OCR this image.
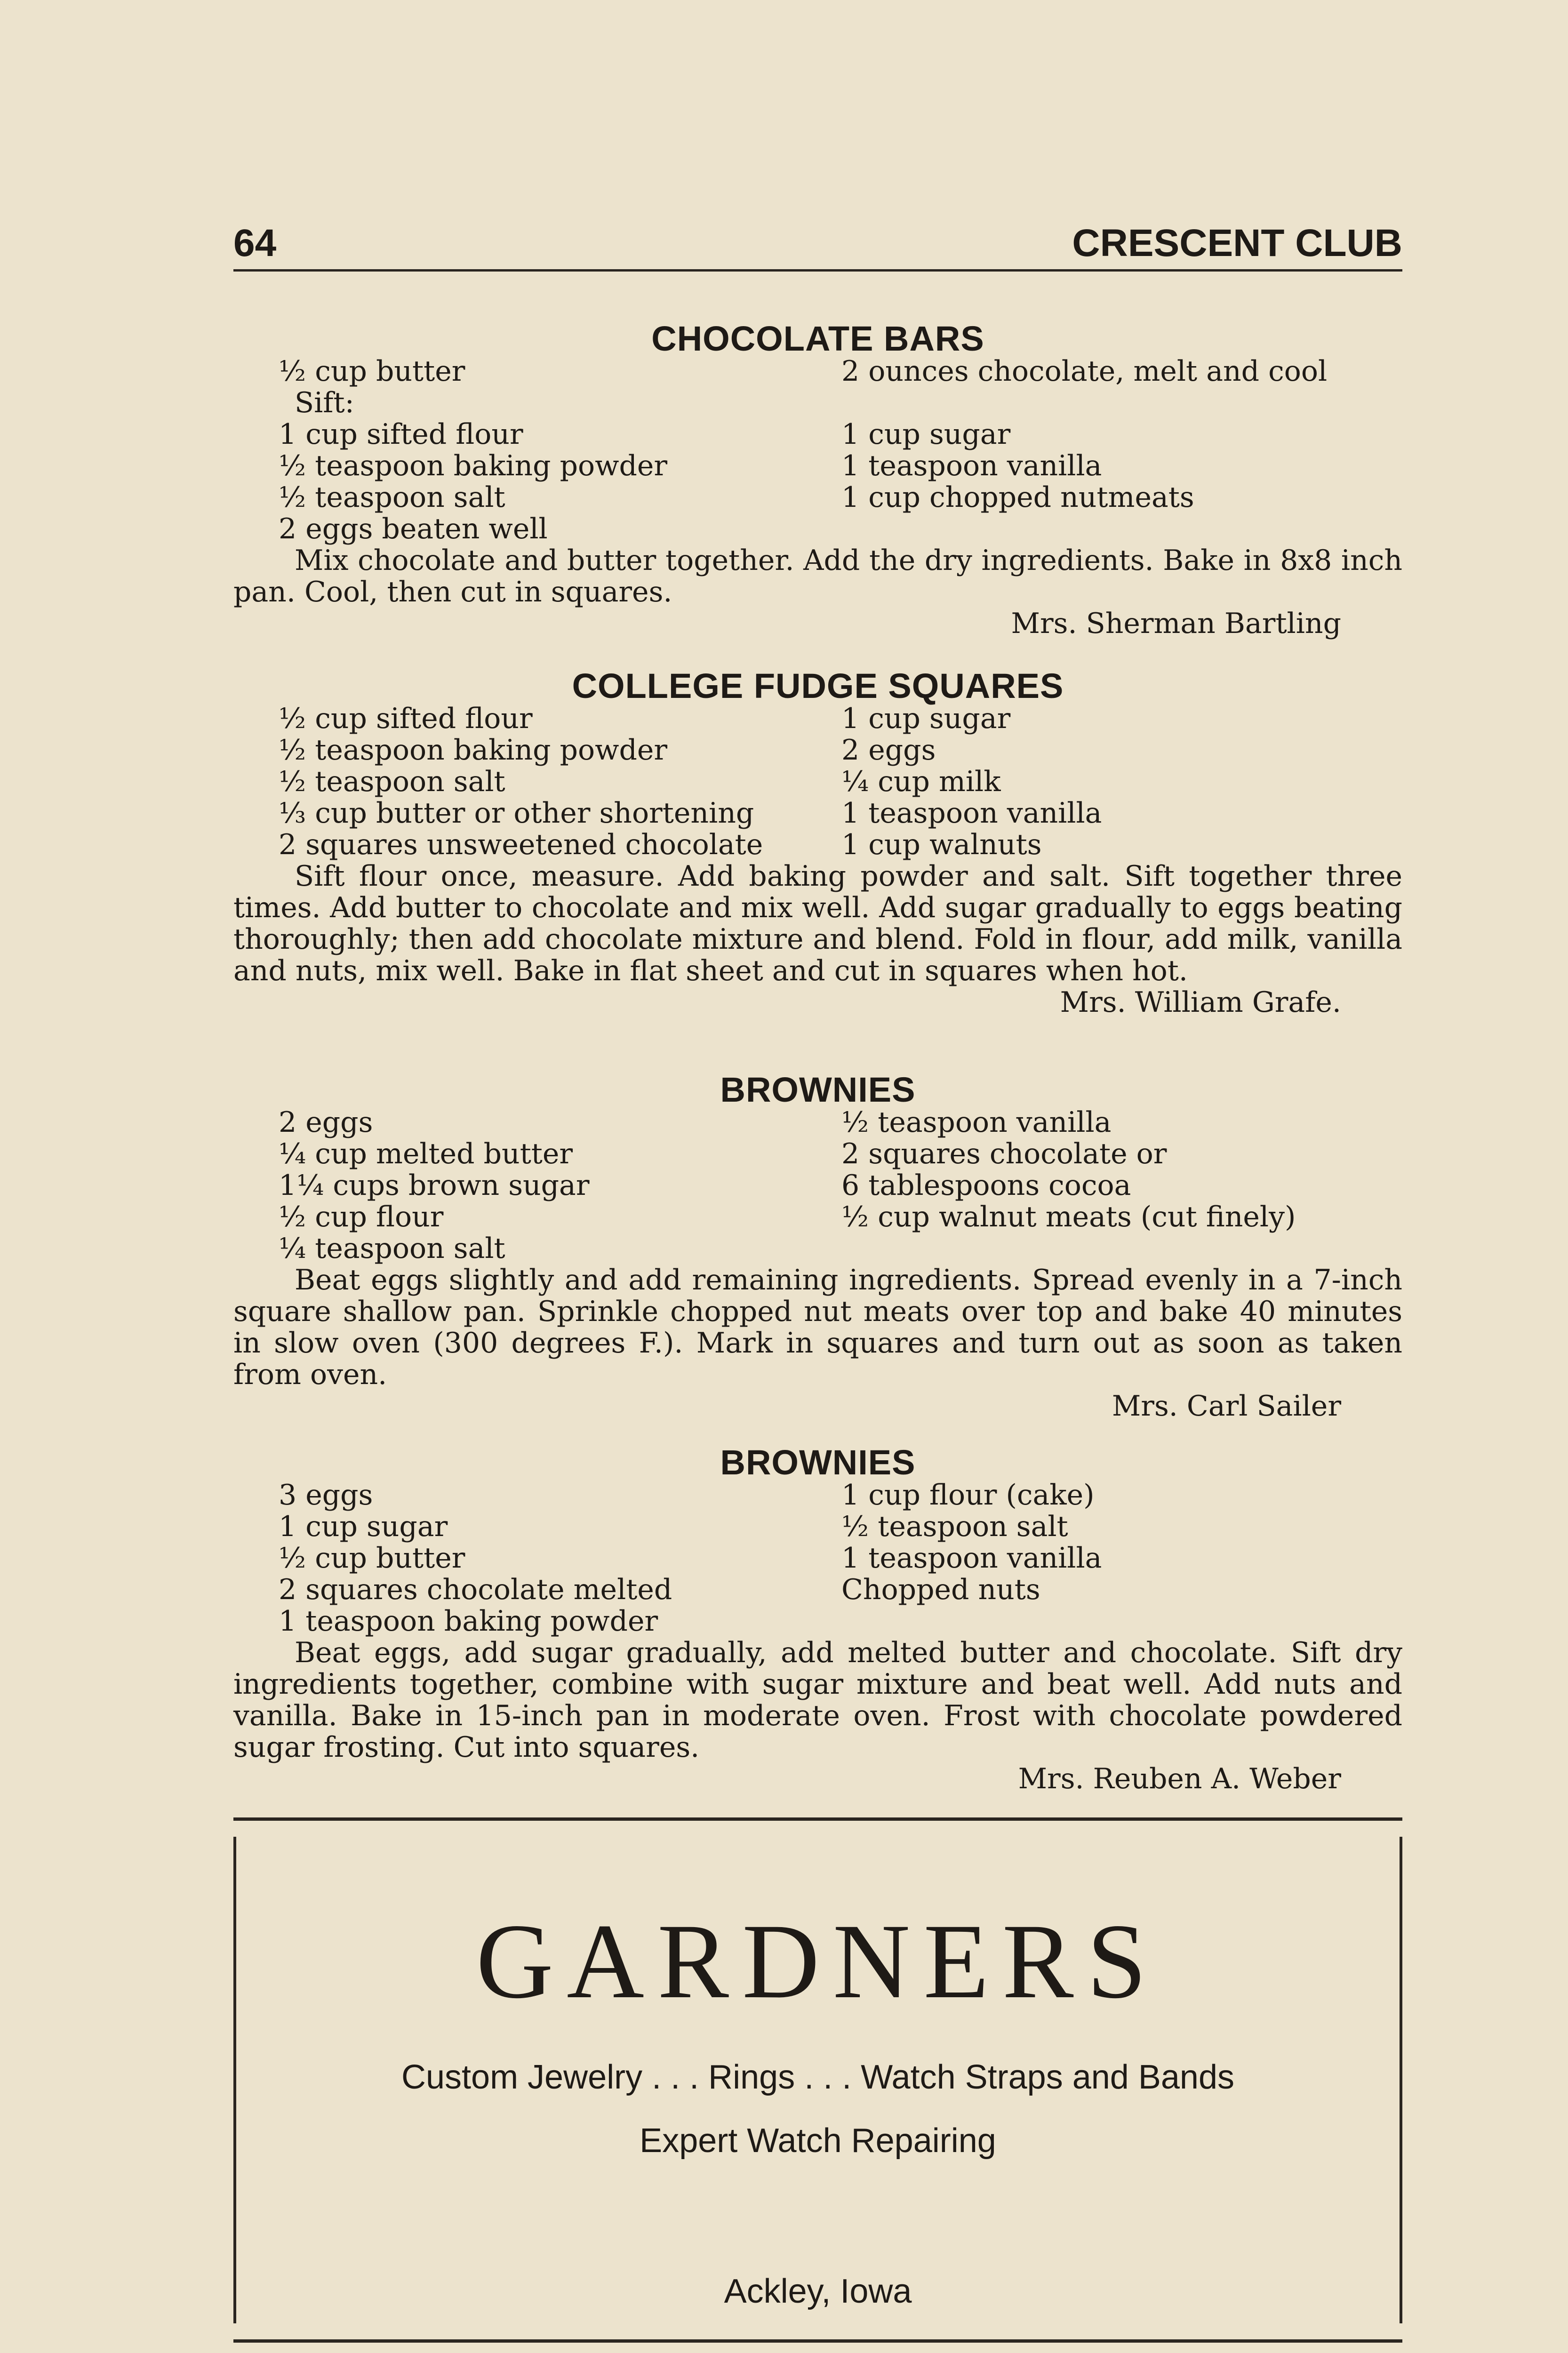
64	CRESCENT CLUB
CHOCOLATE BARS
½ cup butter	2 ounces chocolate, melt and cool
Sift:
1 cup sifted flour	1 cup sugar
½ teaspoon baking powder	1 teaspoon vanilla
½ teaspoon salt	1 cup chopped nutmeats
2 eggs beaten well

Mix chocolate and butter together. Add the dry ingredients. Bake in 8x8 inch pan. Cool, then cut in squares.

Mrs. Sherman Bartling
COLLEGE FUDGE SQUARES
½ cup sifted flour	1 cup sugar
½ teaspoon baking powder	2 eggs
½ teaspoon salt	¼ cup milk
⅓ cup butter or other shortening	1 teaspoon vanilla
2 squares unsweetened chocolate	1 cup walnuts

Sift flour once, measure. Add baking powder and salt. Sift together three times. Add butter to chocolate and mix well. Add sugar gradually to eggs beating thoroughly; then add chocolate mixture and blend. Fold in flour, add milk, vanilla and nuts, mix well. Bake in flat sheet and cut in squares when hot.

Mrs. William Grafe.
BROWNIES
2 eggs	½ teaspoon vanilla
¼ cup melted butter	2 squares chocolate or
1¼ cups brown sugar	6 tablespoons cocoa
½ cup flour	½ cup walnut meats (cut finely)
¼ teaspoon salt

Beat eggs slightly and add remaining ingredients. Spread evenly in a 7-inch square shallow pan. Sprinkle chopped nut meats over top and bake 40 minutes in slow oven (300 degrees F.). Mark in squares and turn out as soon as taken from oven.

Mrs. Carl Sailer
BROWNIES
3 eggs	1 cup flour (cake)
1 cup sugar	½ teaspoon salt
½ cup butter	1 teaspoon vanilla
2 squares chocolate melted	Chopped nuts
1 teaspoon baking powder

Beat eggs, add sugar gradually, add melted butter and chocolate. Sift dry ingredients together, combine with sugar mixture and beat well. Add nuts and vanilla. Bake in 15-inch pan in moderate oven. Frost with chocolate powdered sugar frosting. Cut into squares.

Mrs. Reuben A. Weber
GARDNERS
Custom Jewelry . . . Rings . . . Watch Straps and Bands
Expert Watch Repairing
Ackley, Iowa
